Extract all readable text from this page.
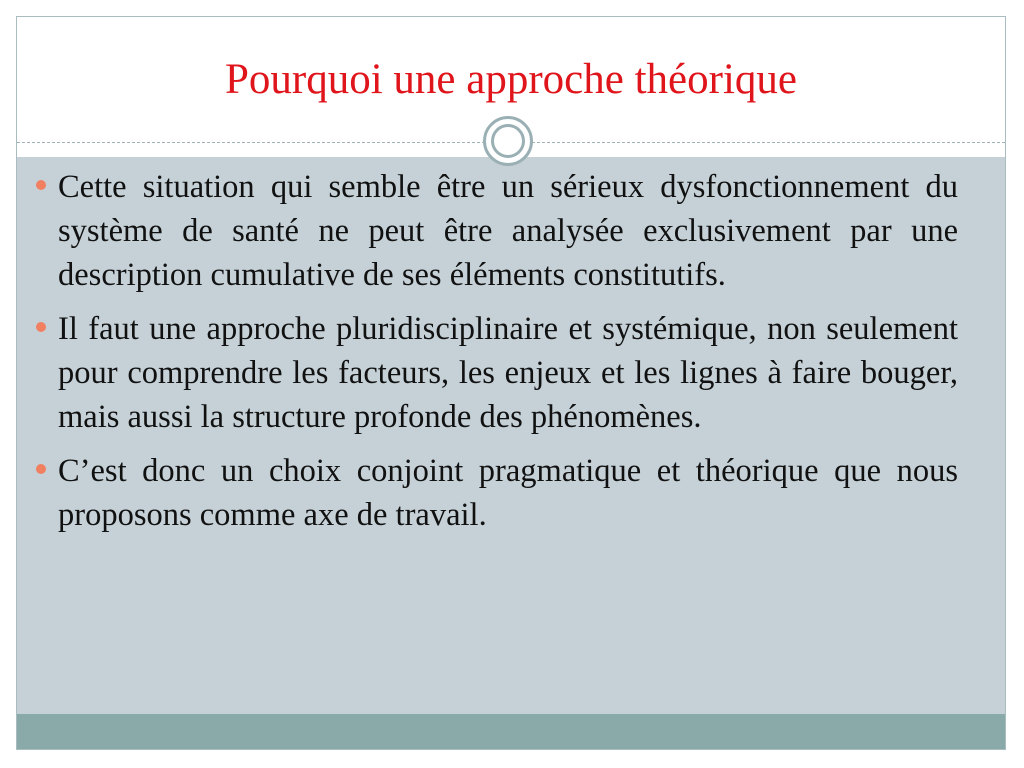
Pourquoi une approche théorique
Cette situation qui semble être un sérieux dysfonctionnement du système de santé ne peut être analysée exclusivement par une description cumulative de ses éléments constitutifs.
Il faut une approche pluridisciplinaire et systémique, non seulement pour comprendre les facteurs, les enjeux et les lignes à faire bouger, mais aussi la structure profonde des phénomènes.
C’est donc un choix conjoint pragmatique et théorique que nous proposons comme axe de travail.
